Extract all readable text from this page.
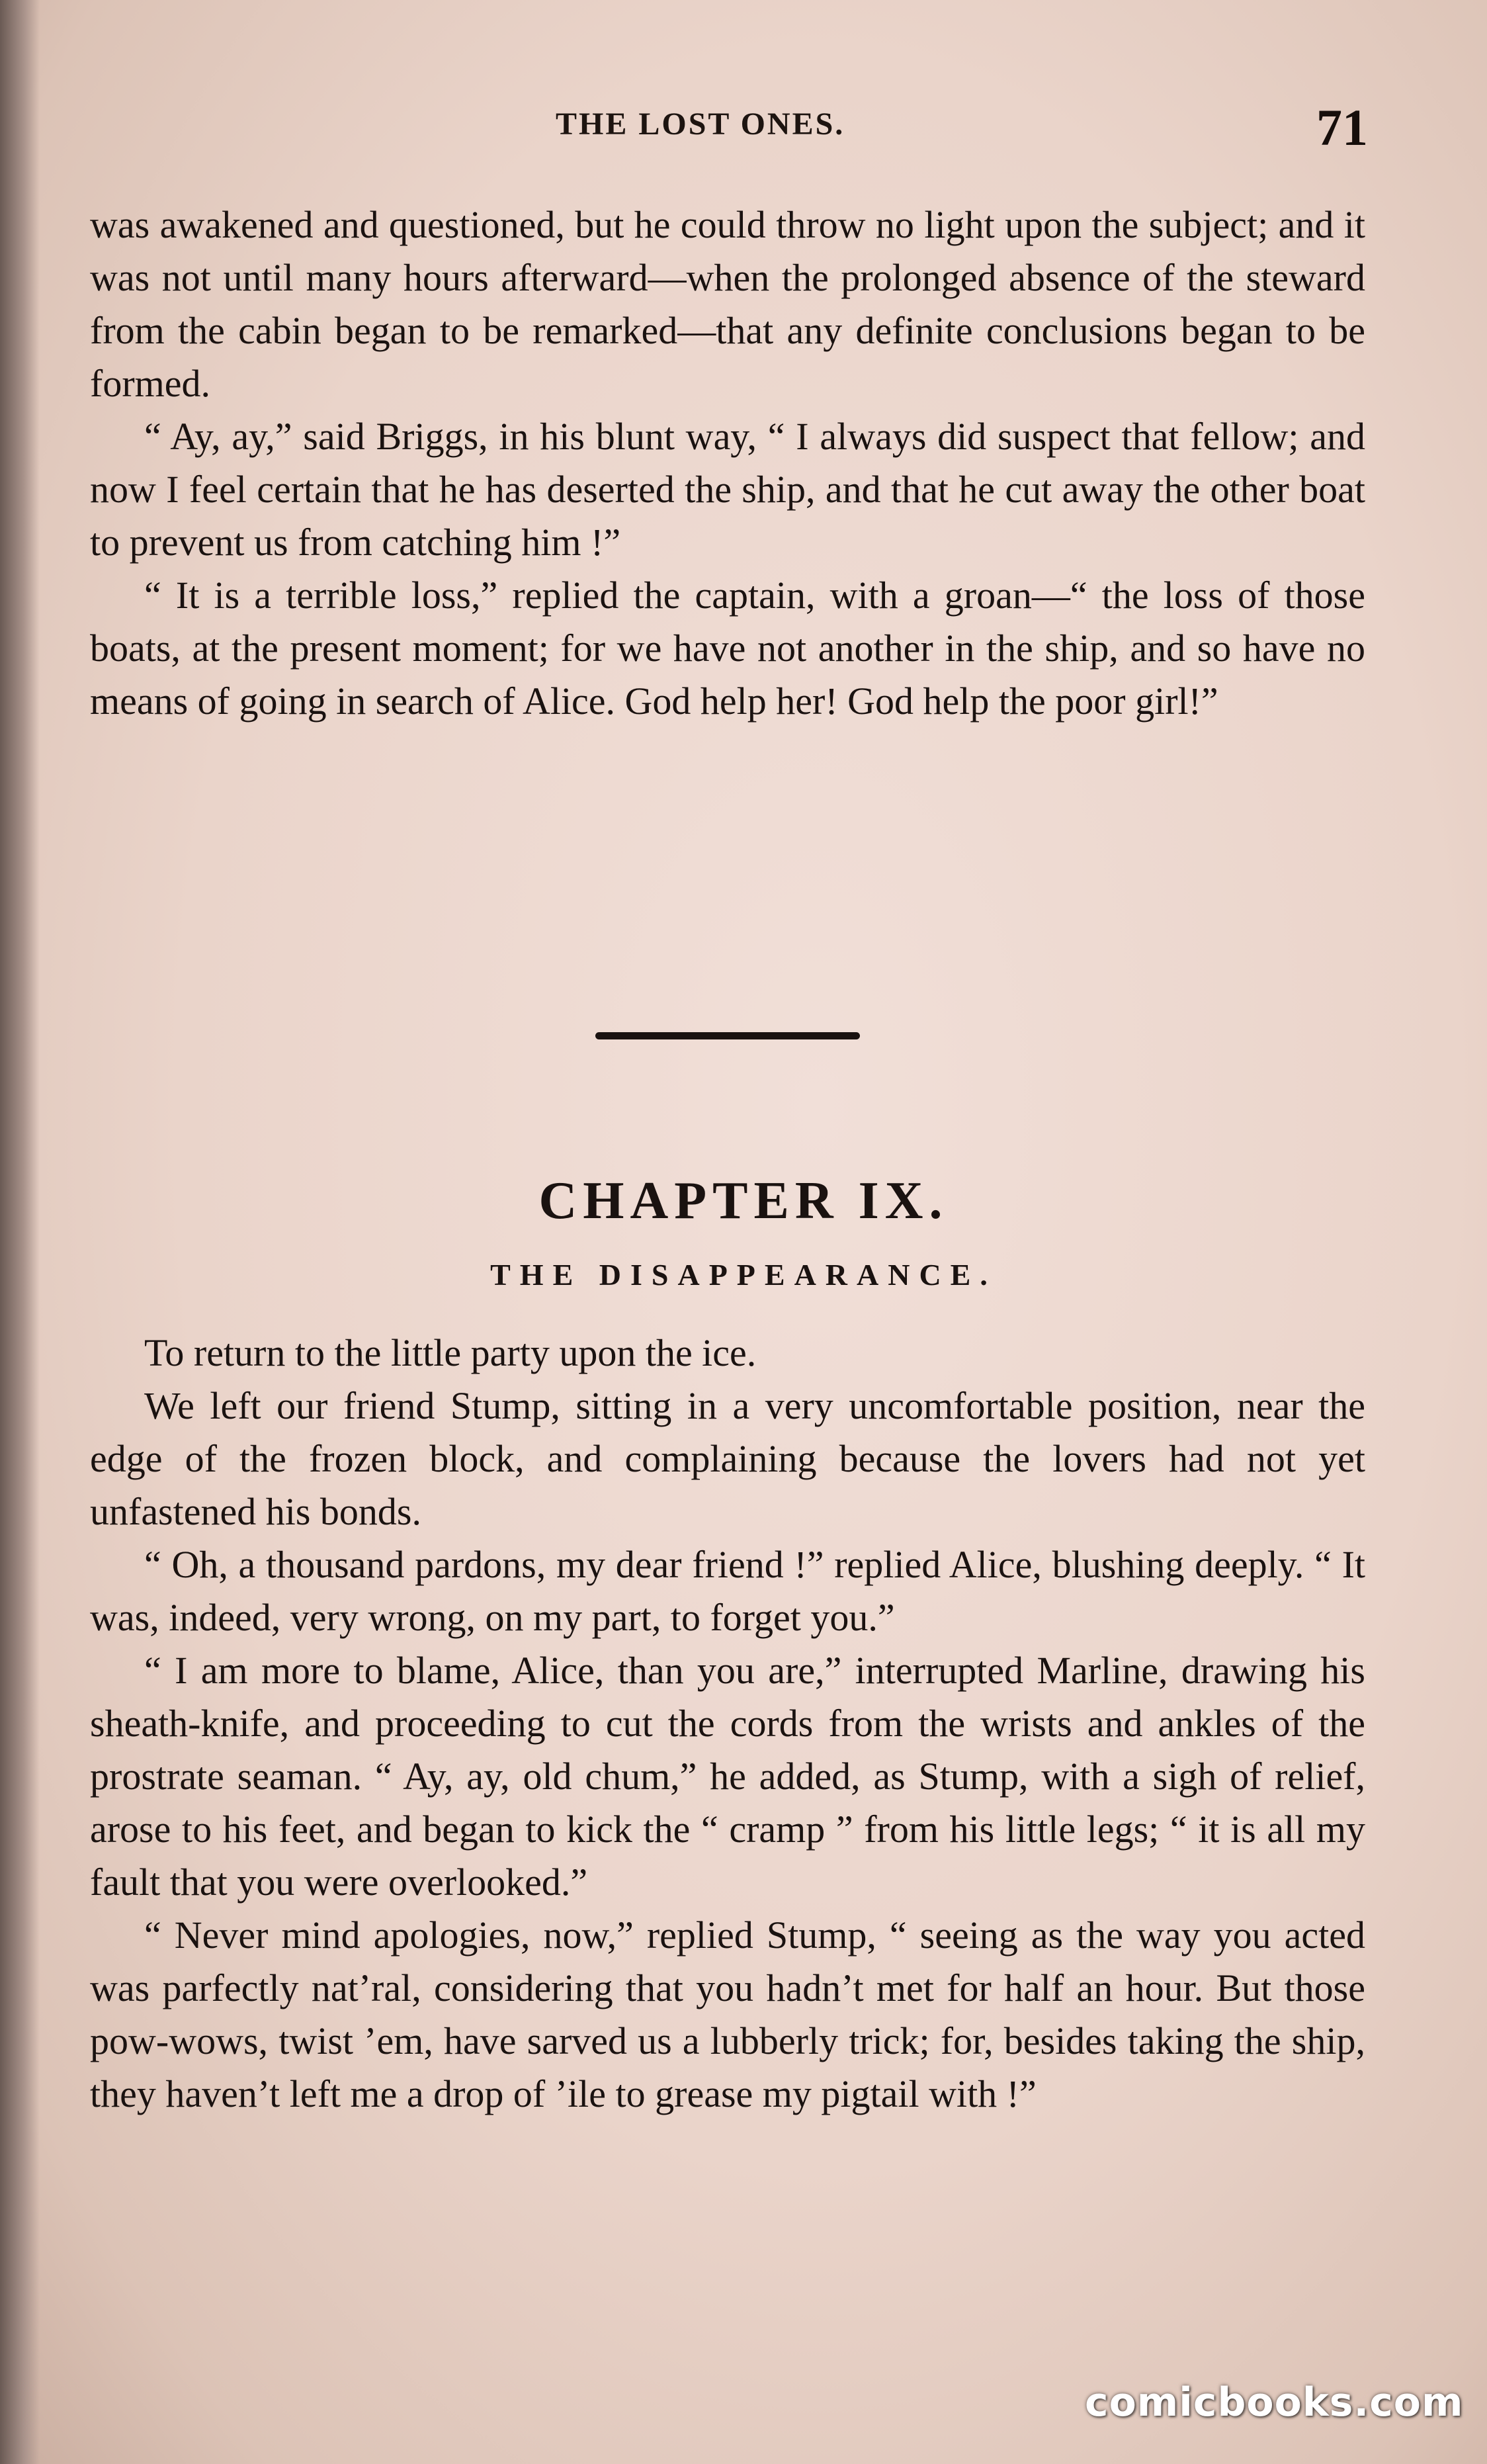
THE LOST ONES.	71

was awakened and questioned, but he could throw no light upon the subject; and it was not until many hours afterward—when the prolonged absence of the steward from the cabin began to be remarked—that any definite conclusions began to be formed.

“ Ay, ay,” said Briggs, in his blunt way, “ I always did suspect that fellow; and now I feel certain that he has deserted the ship, and that he cut away the other boat to prevent us from catching him !”

“ It is a terrible loss,” replied the captain, with a groan—“ the loss of those boats, at the present moment; for we have not another in the ship, and so have no means of going in search of Alice. God help her! God help the poor girl!”

CHAPTER IX.
THE DISAPPEARANCE.

To return to the little party upon the ice.

We left our friend Stump, sitting in a very uncomfortable position, near the edge of the frozen block, and complaining because the lovers had not yet unfastened his bonds.

“ Oh, a thousand pardons, my dear friend !” replied Alice, blushing deeply. “ It was, indeed, very wrong, on my part, to forget you.”

“ I am more to blame, Alice, than you are,” interrupted Marline, drawing his sheath-knife, and proceeding to cut the cords from the wrists and ankles of the prostrate seaman. “ Ay, ay, old chum,” he added, as Stump, with a sigh of relief, arose to his feet, and began to kick the “ cramp ” from his little legs; “ it is all my fault that you were overlooked.”

“ Never mind apologies, now,” replied Stump, “ seeing as the way you acted was parfectly nat’ral, considering that you hadn’t met for half an hour. But those pow-wows, twist ’em, have sarved us a lubberly trick; for, besides taking the ship, they haven’t left me a drop of ’ile to grease my pigtail with !”

comicbooks.com
